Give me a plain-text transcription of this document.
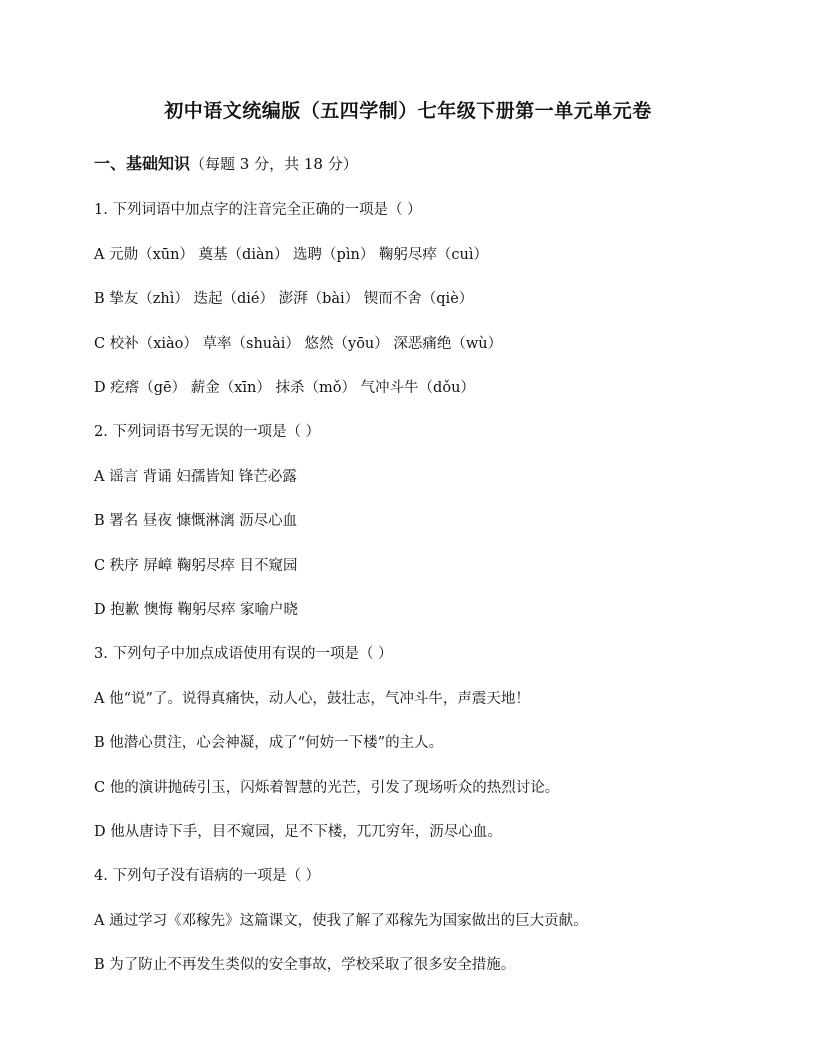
初中语文统编版（五四学制）七年级下册第一单元单元卷
一、基础知识（每题 3 分，共 18 分）
1. 下列词语中加点字的注音完全正确的一项是（ ）
A 元勋（xūn） 奠基（diàn） 选聘（pìn） 鞠躬尽瘁（cuì）
B 挚友（zhì） 迭起（dié） 澎湃（bài） 锲而不舍（qiè）
C 校补（xiào） 草率（shuài） 悠然（yōu） 深恶痛绝（wù）
D 疙瘩（gē） 薪金（xīn） 抹杀（mǒ） 气冲斗牛（dǒu）
2. 下列词语书写无误的一项是（ ）
A 谣言 背诵 妇孺皆知 锋芒必露
B 署名 昼夜 慷慨淋漓 沥尽心血
C 秩序 屏嶂 鞠躬尽瘁 目不窥园
D 抱歉 懊悔 鞠躬尽瘁 家喻户晓
3. 下列句子中加点成语使用有误的一项是（ ）
A 他“说”了。说得真痛快，动人心，鼓壮志，气冲斗牛，声震天地！
B 他潜心贯注，心会神凝，成了“何妨一下楼”的主人。
C 他的演讲抛砖引玉，闪烁着智慧的光芒，引发了现场听众的热烈讨论。
D 他从唐诗下手，目不窥园，足不下楼，兀兀穷年，沥尽心血。
4. 下列句子没有语病的一项是（ ）
A 通过学习《邓稼先》这篇课文，使我了解了邓稼先为国家做出的巨大贡献。
B 为了防止不再发生类似的安全事故，学校采取了很多安全措施。
